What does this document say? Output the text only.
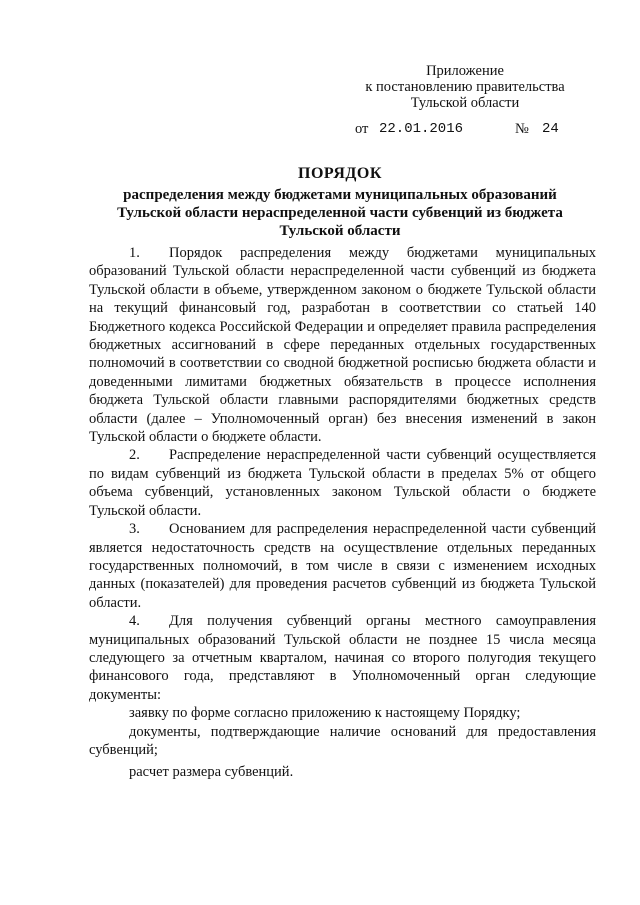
Приложение
к постановлению правительства
Тульской области
от 22.01.2016	№ 24
ПОРЯДОК
распределения между бюджетами муниципальных образований
Тульской области нераспределенной части субвенций из бюджета
Тульской области

1. Порядок распределения между бюджетами муниципальных образований Тульской области нераспределенной части субвенций из бюджета Тульской области в объеме, утвержденном законом о бюджете Тульской области на текущий финансовый год, разработан в соответствии со статьей 140 Бюджетного кодекса Российской Федерации и определяет правила распределения бюджетных ассигнований в сфере переданных отдельных государственных полномочий в соответствии со сводной бюджетной росписью бюджета области и доведенными лимитами бюджетных обязательств в процессе исполнения бюджета Тульской области главными распорядителями бюджетных средств области (далее – Уполномоченный орган) без внесения изменений в закон Тульской области о бюджете области.

2. Распределение нераспределенной части субвенций осуществляется по видам субвенций из бюджета Тульской области в пределах 5% от общего объема субвенций, установленных законом Тульской области о бюджете Тульской области.

3. Основанием для распределения нераспределенной части субвенций является недостаточность средств на осуществление отдельных переданных государственных полномочий, в том числе в связи с изменением исходных данных (показателей) для проведения расчетов субвенций из бюджета Тульской области.

4. Для получения субвенций органы местного самоуправления муниципальных образований Тульской области не позднее 15 числа месяца следующего за отчетным кварталом, начиная со второго полугодия текущего финансового года, представляют в Уполномоченный орган следующие документы:

заявку по форме согласно приложению к настоящему Порядку;

документы, подтверждающие наличие оснований для предоставления субвенций;

расчет размера субвенций.
